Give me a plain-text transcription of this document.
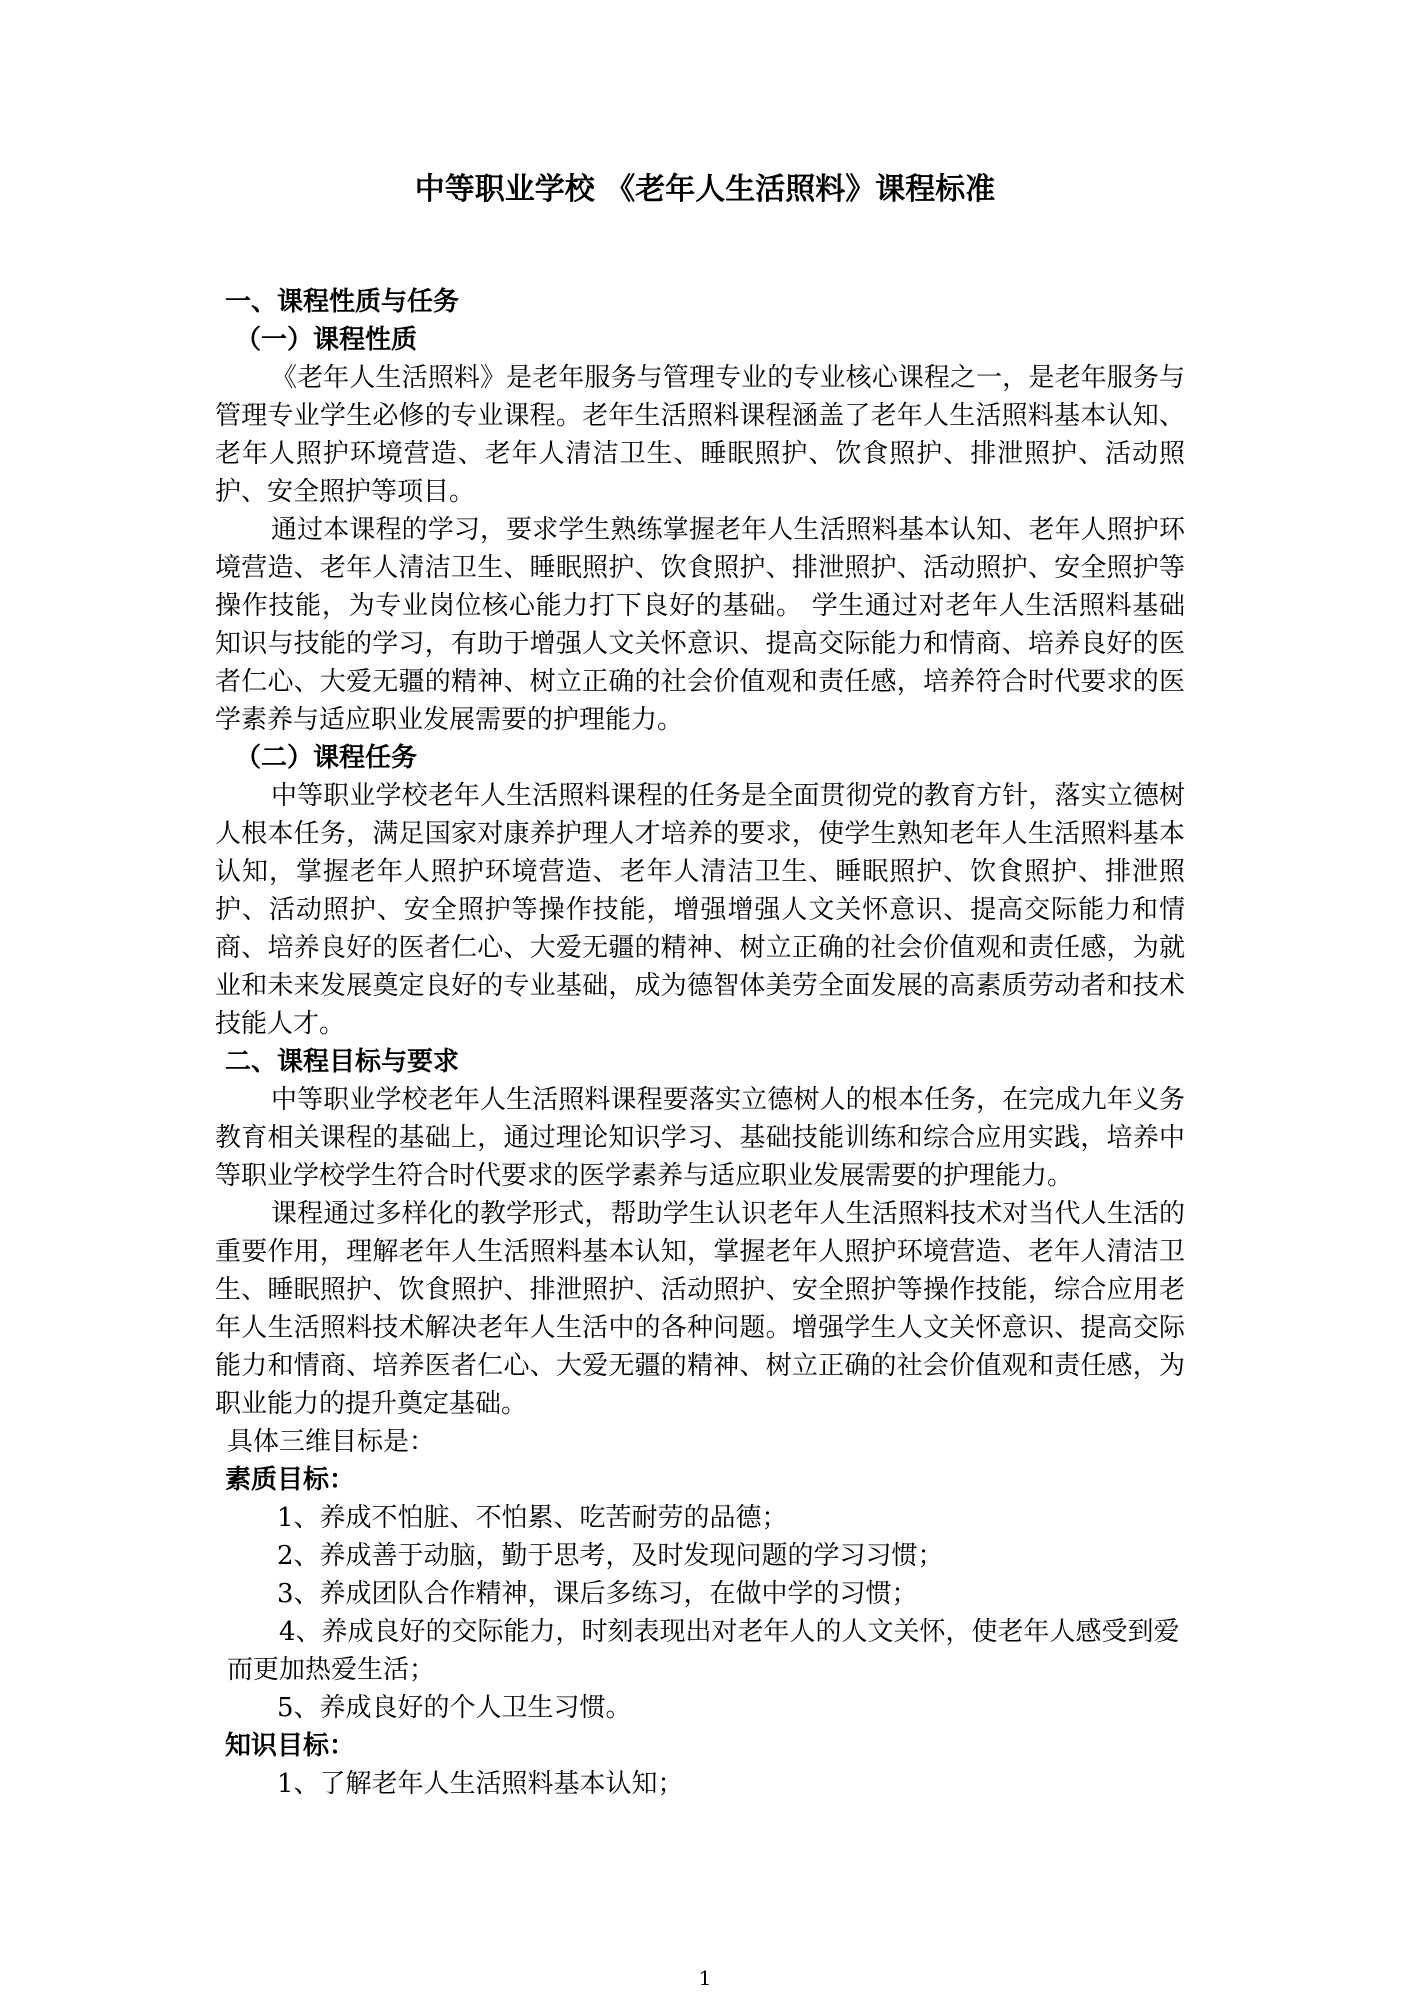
中等职业学校 《老年人生活照料》课程标准

一、课程性质与任务

（一）课程性质

《老年人生活照料》是老年服务与管理专业的专业核心课程之一，是老年服务与管理专业学生必修的专业课程。老年生活照料课程涵盖了老年人生活照料基本认知、老年人照护环境营造、老年人清洁卫生、睡眠照护、饮食照护、排泄照护、活动照护、安全照护等项目。

通过本课程的学习，要求学生熟练掌握老年人生活照料基本认知、老年人照护环境营造、老年人清洁卫生、睡眠照护、饮食照护、排泄照护、活动照护、安全照护等操作技能，为专业岗位核心能力打下良好的基础。 学生通过对老年人生活照料基础知识与技能的学习，有助于增强人文关怀意识、提高交际能力和情商、培养良好的医者仁心、大爱无疆的精神、树立正确的社会价值观和责任感，培养符合时代要求的医学素养与适应职业发展需要的护理能力。

（二）课程任务

中等职业学校老年人生活照料课程的任务是全面贯彻党的教育方针，落实立德树人根本任务，满足国家对康养护理人才培养的要求，使学生熟知老年人生活照料基本认知，掌握老年人照护环境营造、老年人清洁卫生、睡眠照护、饮食照护、排泄照护、活动照护、安全照护等操作技能，增强增强人文关怀意识、提高交际能力和情商、培养良好的医者仁心、大爱无疆的精神、树立正确的社会价值观和责任感，为就业和未来发展奠定良好的专业基础，成为德智体美劳全面发展的高素质劳动者和技术技能人才。

二、课程目标与要求

中等职业学校老年人生活照料课程要落实立德树人的根本任务，在完成九年义务教育相关课程的基础上，通过理论知识学习、基础技能训练和综合应用实践，培养中等职业学校学生符合时代要求的医学素养与适应职业发展需要的护理能力。

课程通过多样化的教学形式，帮助学生认识老年人生活照料技术对当代人生活的重要作用，理解老年人生活照料基本认知，掌握老年人照护环境营造、老年人清洁卫生、睡眠照护、饮食照护、排泄照护、活动照护、安全照护等操作技能，综合应用老年人生活照料技术解决老年人生活中的各种问题。增强学生人文关怀意识、提高交际能力和情商、培养医者仁心、大爱无疆的精神、树立正确的社会价值观和责任感，为职业能力的提升奠定基础。

具体三维目标是：

素质目标：

1、养成不怕脏、不怕累、吃苦耐劳的品德；

2、养成善于动脑，勤于思考，及时发现问题的学习习惯；

3、养成团队合作精神，课后多练习，在做中学的习惯；

4、养成良好的交际能力，时刻表现出对老年人的人文关怀，使老年人感受到爱而更加热爱生活；

5、养成良好的个人卫生习惯。

知识目标：

1、了解老年人生活照料基本认知；

1
